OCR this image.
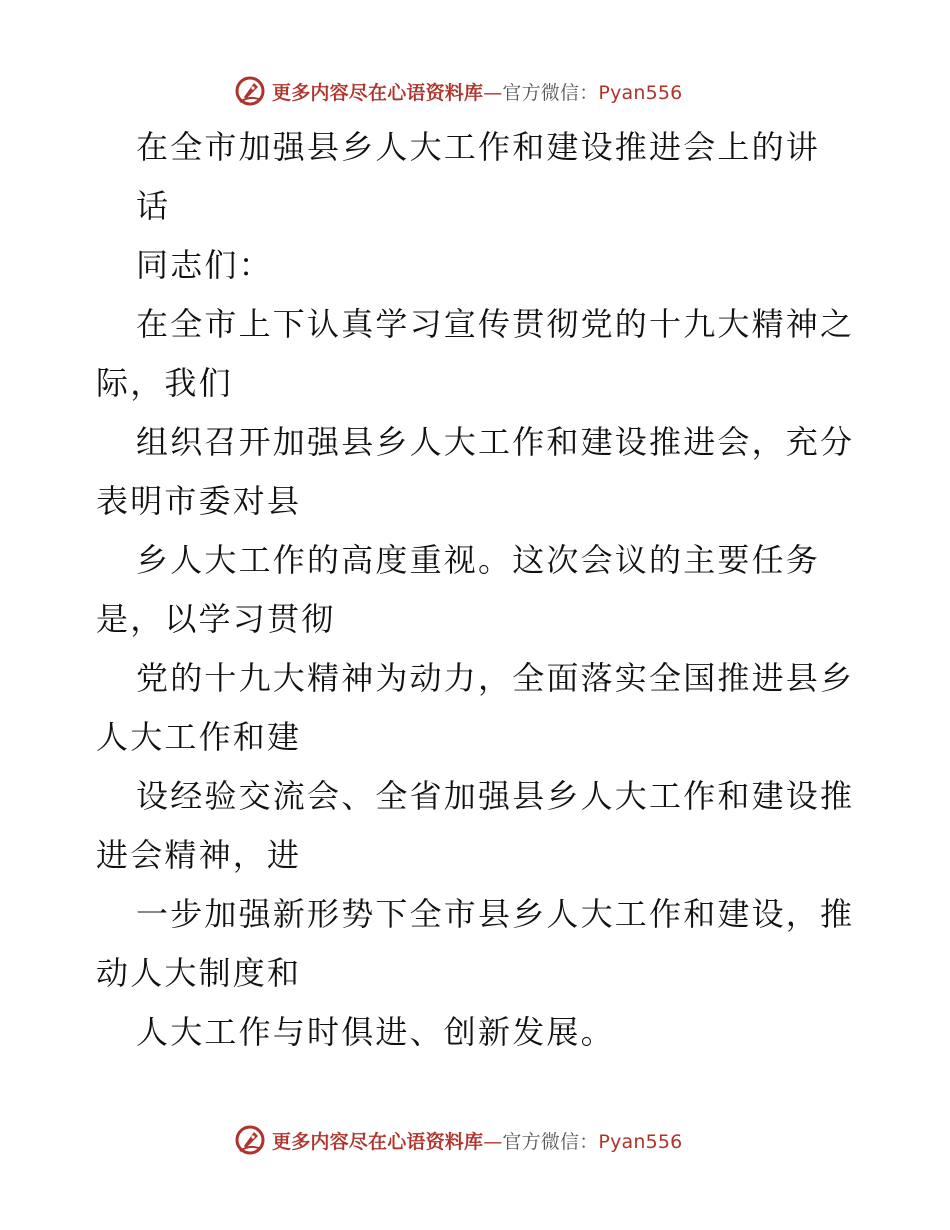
更多内容尽在心语资料库—官方微信：Pyan556
在全市加强县乡人大工作和建设推进会上的讲
话
同志们：
在全市上下认真学习宣传贯彻党的十九大精神之
际，我们
组织召开加强县乡人大工作和建设推进会，充分
表明市委对县
乡人大工作的高度重视。这次会议的主要任务
是，以学习贯彻
党的十九大精神为动力，全面落实全国推进县乡
人大工作和建
设经验交流会、全省加强县乡人大工作和建设推
进会精神，进
一步加强新形势下全市县乡人大工作和建设，推
动人大制度和
人大工作与时俱进、创新发展。
更多内容尽在心语资料库—官方微信：Pyan556
